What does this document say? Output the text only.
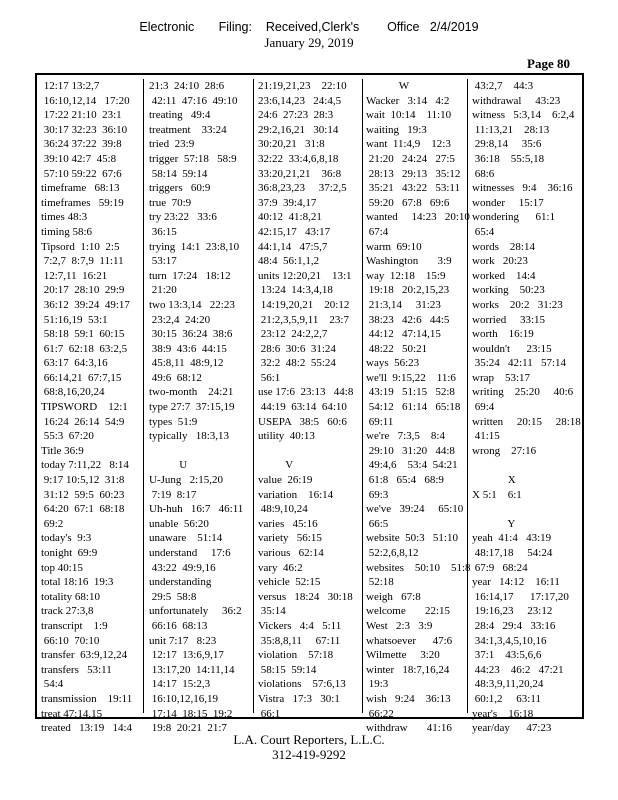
Electronic Filing: Received,Clerk's Office 2/4/2019
January 29, 2019
Page 80
12:17 13:2,7
16:10,12,14   17:20
17:22 21:10  23:1
30:17 32:23  36:10
36:24 37:22  39:8
39:10 42:7  45:8
57:10 59:22  67:6
timeframe   68:13
timeframes   59:19
times 48:3
timing 58:6
Tipsord  1:10  2:5
7:2,7  8:7,9  11:11
12:7,11  16:21
20:17  28:10  29:9
36:12  39:24  49:17
51:16,19  53:1
58:18  59:1  60:15
61:7  62:18  63:2,5
63:17  64:3,16
66:14,21  67:7,15
68:8,16,20,24
TIPSWORD    12:1
16:24  26:14  54:9
55:3  67:20
Title 36:9
today 7:11,22   8:14
9:17 10:5,12  31:8
31:12  59:5  60:23
64:20  67:1  68:18
69:2
today's  9:3
tonight  69:9
top 40:15
total 18:16  19:3
totality 68:10
track 27:3,8
transcript    1:9
66:10  70:10
transfer  63:9,12,24
transfers   53:11
54:4
transmission    19:11
treat 47:14,15
treated   13:19   14:4
21:3  24:10  28:6
42:11  47:16  49:10
treating   49:4
treatment    33:24
tried  23:9
trigger  57:18   58:9
58:14  59:14
triggers   60:9
true  70:9
try 23:22   33:6
36:15
trying  14:1  23:8,10
53:17
turn  17:24   18:12
21:20
two 13:3,14   22:23
23:2,4  24:20
30:15  36:24  38:6
38:9  43:6  44:15
45:8,11  48:9,12
49:6  68:12
two-month    24:21
type 27:7  37:15,19
types  51:9
typically   18:3,13

U
U-Jung   2:15,20
7:19  8:17
Uh-huh   16:7   46:11
unable  56:20
unaware    51:14
understand     17:6
43:22  49:9,16
understanding
29:5  58:8
unfortunately     36:2
66:16  68:13
unit 7:17   8:23
12:17  13:6,9,17
13:17,20  14:11,14
14:17  15:2,3
16:10,12,16,19
17:14  18:15  19:2
19:8  20:21  21:7
21:19,21,23    22:10
23:6,14,23   24:4,5
24:6  27:23  28:3
29:2,16,21   30:14
30:20,21   31:8
32:22  33:4,6,8,18
33:20,21,21    36:8
36:8,23,23     37:2,5
37:9  39:4,17
40:12  41:8,21
42:15,17   43:17
44:1,14   47:5,7
48:4  56:1,1,2
units 12:20,21    13:1
13:24  14:3,4,18
14:19,20,21    20:12
21:2,3,5,9,11    23:7
23:12  24:2,2,7
28:6  30:6  31:24
32:2  48:2  55:24
56:1
use 17:6  23:13   44:8
44:19  63:14  64:10
USEPA   38:5   60:6
utility  40:13

V
value  26:19
variation    16:14
48:9,10,24
varies   45:16
variety   56:15
various   62:14
vary  46:2
vehicle  52:15
versus   18:24   30:18
35:14
Vickers   4:4   5:11
35:8,8,11     67:11
violation    57:18
58:15  59:14
violations    57:6,13
Vistra   17:3   30:1
66:1
W
Wacker   3:14   4:2
wait  10:14    11:10
waiting   19:3
want  11:4,9    12:3
21:20   24:24   27:5
28:13   29:13   35:12
35:21   43:22   53:11
59:20   67:8   69:6
wanted     14:23   20:10
67:4
warm  69:10
Washington       3:9
way  12:18    15:9
19:18   20:2,15,23
21:3,14     31:23
38:23   42:6   44:5
44:12   47:14,15
48:22   50:21
ways  56:23
we'll  9:15,22    11:6
43:19   51:15   52:8
54:12   61:14   65:18
69:11
we're   7:3,5    8:4
29:10   31:20   44:8
49:4,6    53:4  54:21
61:8   65:4   68:9
69:3
we've   39:24     65:10
66:5
website  50:3   51:10
52:2,6,8,12
websites    50:10    51:8
52:18
weigh   67:8
welcome       22:15
West   2:3   3:9
whatsoever      47:6
Wilmette     3:20
winter   18:7,16,24
19:3
wish   9:24    36:13
66:22
withdraw       41:16
43:2,7    44:3
withdrawal     43:23
witness   5:3,14    6:2,4
11:13,21    28:13
29:8,14     35:6
36:18    55:5,18
68:6
witnesses   9:4    36:16
wonder     15:17
wondering      61:1
65:4
words    28:14
work   20:23
worked    14:4
working    50:23
works    20:2   31:23
worried     33:15
worth    16:19
wouldn't      23:15
35:24   42:11   57:14
wrap    53:17
writing    25:20     40:6
69:4
written     20:15     28:18
41:15
wrong    27:16

X
X 5:1    6:1

Y
yeah  41:4   43:19
48:17,18     54:24
67:9   68:24
year   14:12    16:11
16:14,17      17:17,20
19:16,23     23:12
28:4   29:4   33:16
34:1,3,4,5,10,16
37:1    43:5,6,6
44:23    46:2   47:21
48:3,9,11,20,24
60:1,2     63:11
year's    16:18
year/day      47:23
L.A. Court Reporters, L.L.C.
312-419-9292
